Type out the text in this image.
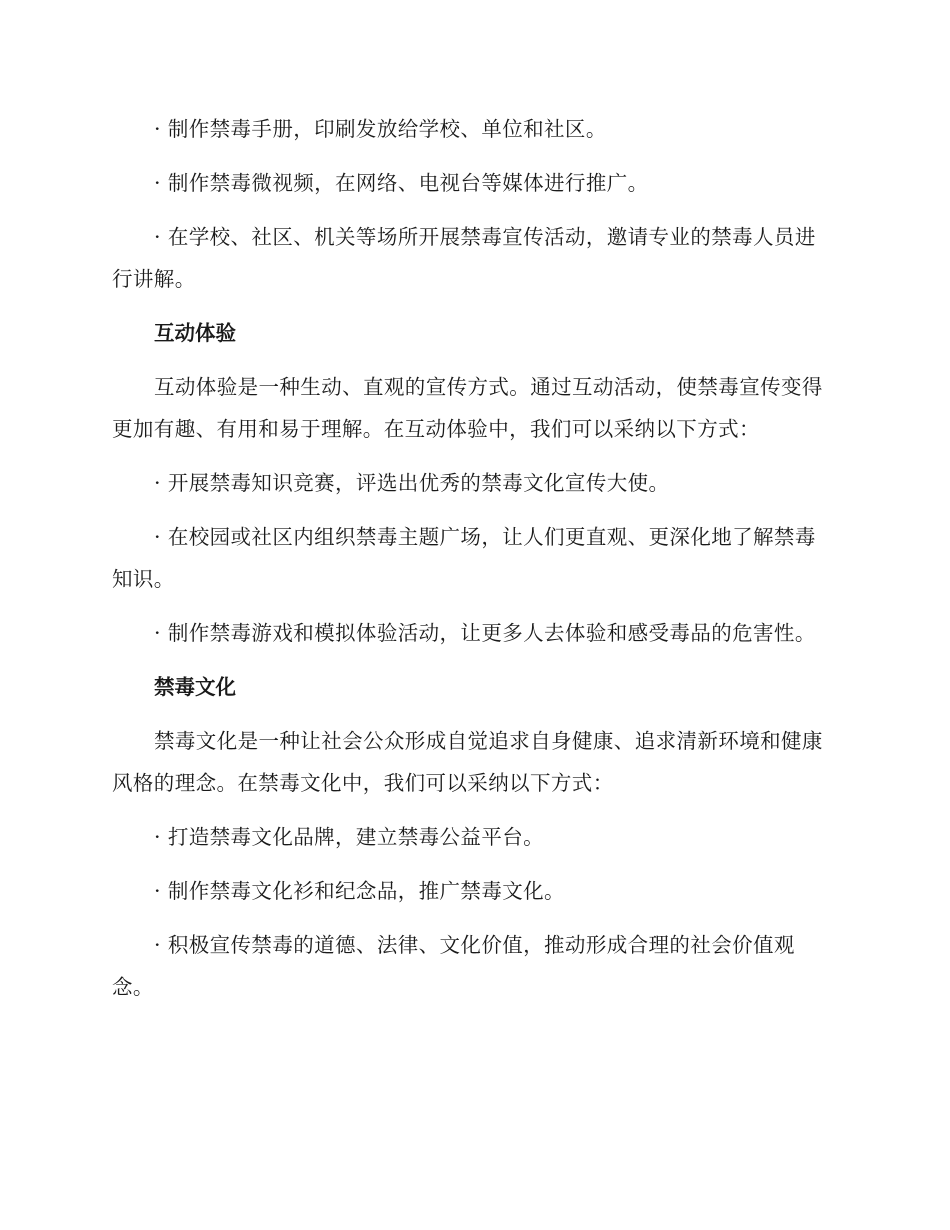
· 制作禁毒手册，印刷发放给学校、单位和社区。

· 制作禁毒微视频，在网络、电视台等媒体进行推广。

· 在学校、社区、机关等场所开展禁毒宣传活动，邀请专业的禁毒人员进行讲解。

互动体验

互动体验是一种生动、直观的宣传方式。通过互动活动，使禁毒宣传变得更加有趣、有用和易于理解。在互动体验中，我们可以采纳以下方式：

· 开展禁毒知识竞赛，评选出优秀的禁毒文化宣传大使。

· 在校园或社区内组织禁毒主题广场，让人们更直观、更深化地了解禁毒知识。

· 制作禁毒游戏和模拟体验活动，让更多人去体验和感受毒品的危害性。

禁毒文化

禁毒文化是一种让社会公众形成自觉追求自身健康、追求清新环境和健康风格的理念。在禁毒文化中，我们可以采纳以下方式：

· 打造禁毒文化品牌，建立禁毒公益平台。

· 制作禁毒文化衫和纪念品，推广禁毒文化。

· 积极宣传禁毒的道德、法律、文化价值，推动形成合理的社会价值观念。
